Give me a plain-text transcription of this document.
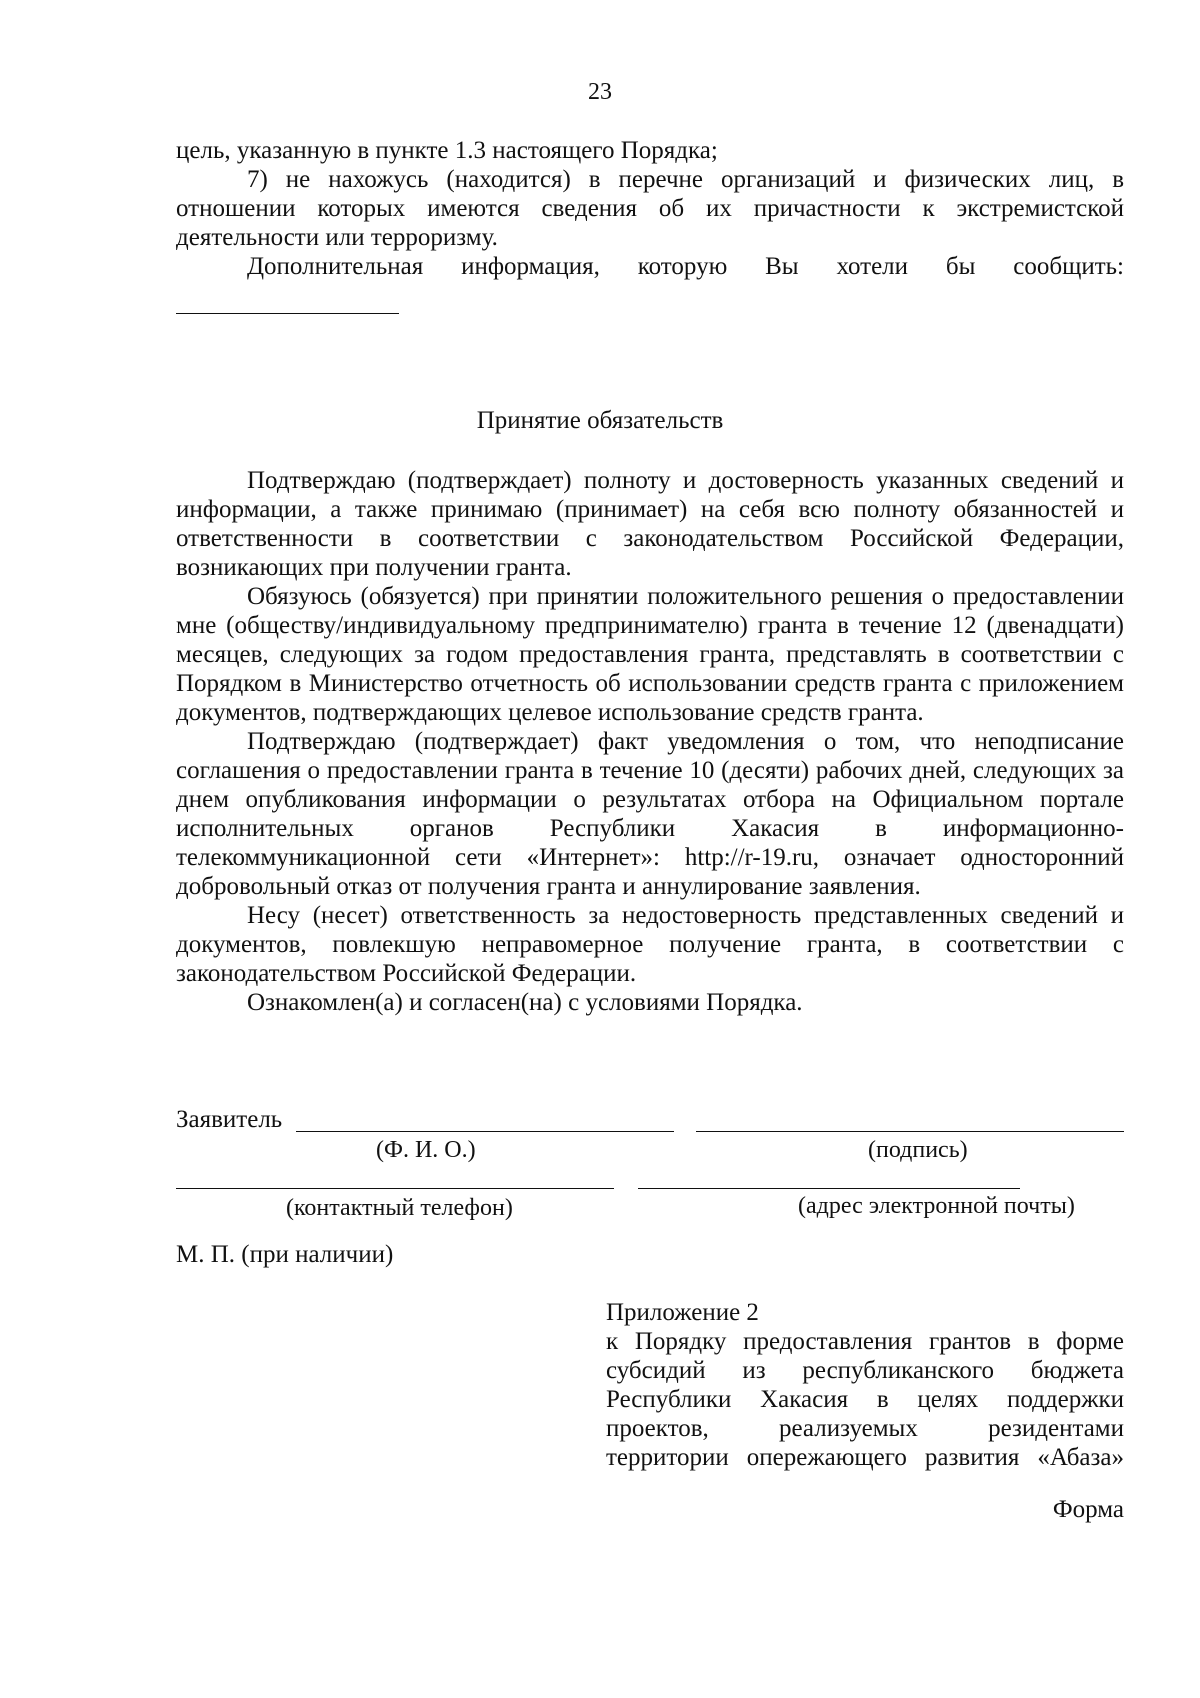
23

цель, указанную в пункте 1.3 настоящего Порядка;

7) не нахожусь (находится) в перечне организаций и физических лиц, в отношении которых имеются сведения об их причастности к экстремистской деятельности или терроризму.

Дополнительная информация, которую Вы хотели бы сообщить:

Принятие обязательств

Подтверждаю (подтверждает) полноту и достоверность указанных сведений и информации, а также принимаю (принимает) на себя всю полноту обязанностей и ответственности в соответствии с законодательством Российской Федерации, возникающих при получении гранта.

Обязуюсь (обязуется) при принятии положительного решения о предоставлении мне (обществу/индивидуальному предпринимателю) гранта в течение 12 (двенадцати) месяцев, следующих за годом предоставления гранта, представлять в соответствии с Порядком в Министерство отчетность об использовании средств гранта с приложением документов, подтверждающих целевое использование средств гранта.

Подтверждаю (подтверждает) факт уведомления о том, что неподписание соглашения о предоставлении гранта в течение 10 (десяти) рабочих дней, следующих за днем опубликования информации о результатах отбора на Официальном портале исполнительных органов Республики Хакасия в информационно-телекоммуникационной сети «Интернет»: http://r-19.ru, означает односторонний добровольный отказ от получения гранта и аннулирование заявления.

Несу (несет) ответственность за недостоверность представленных сведений и документов, повлекшую неправомерное получение гранта, в соответствии с законодательством Российской Федерации.

Ознакомлен(а) и согласен(на) с условиями Порядка.

Заявитель
(Ф. И. О.)	(подпись)
(контактный телефон)	(адрес электронной почты)
М. П. (при наличии)

Приложение 2

к Порядку предоставления грантов в форме субсидий из республиканского бюджета Республики Хакасия в целях поддержки проектов, реализуемых резидентами

территории опережающего развития «Абаза»

Форма
